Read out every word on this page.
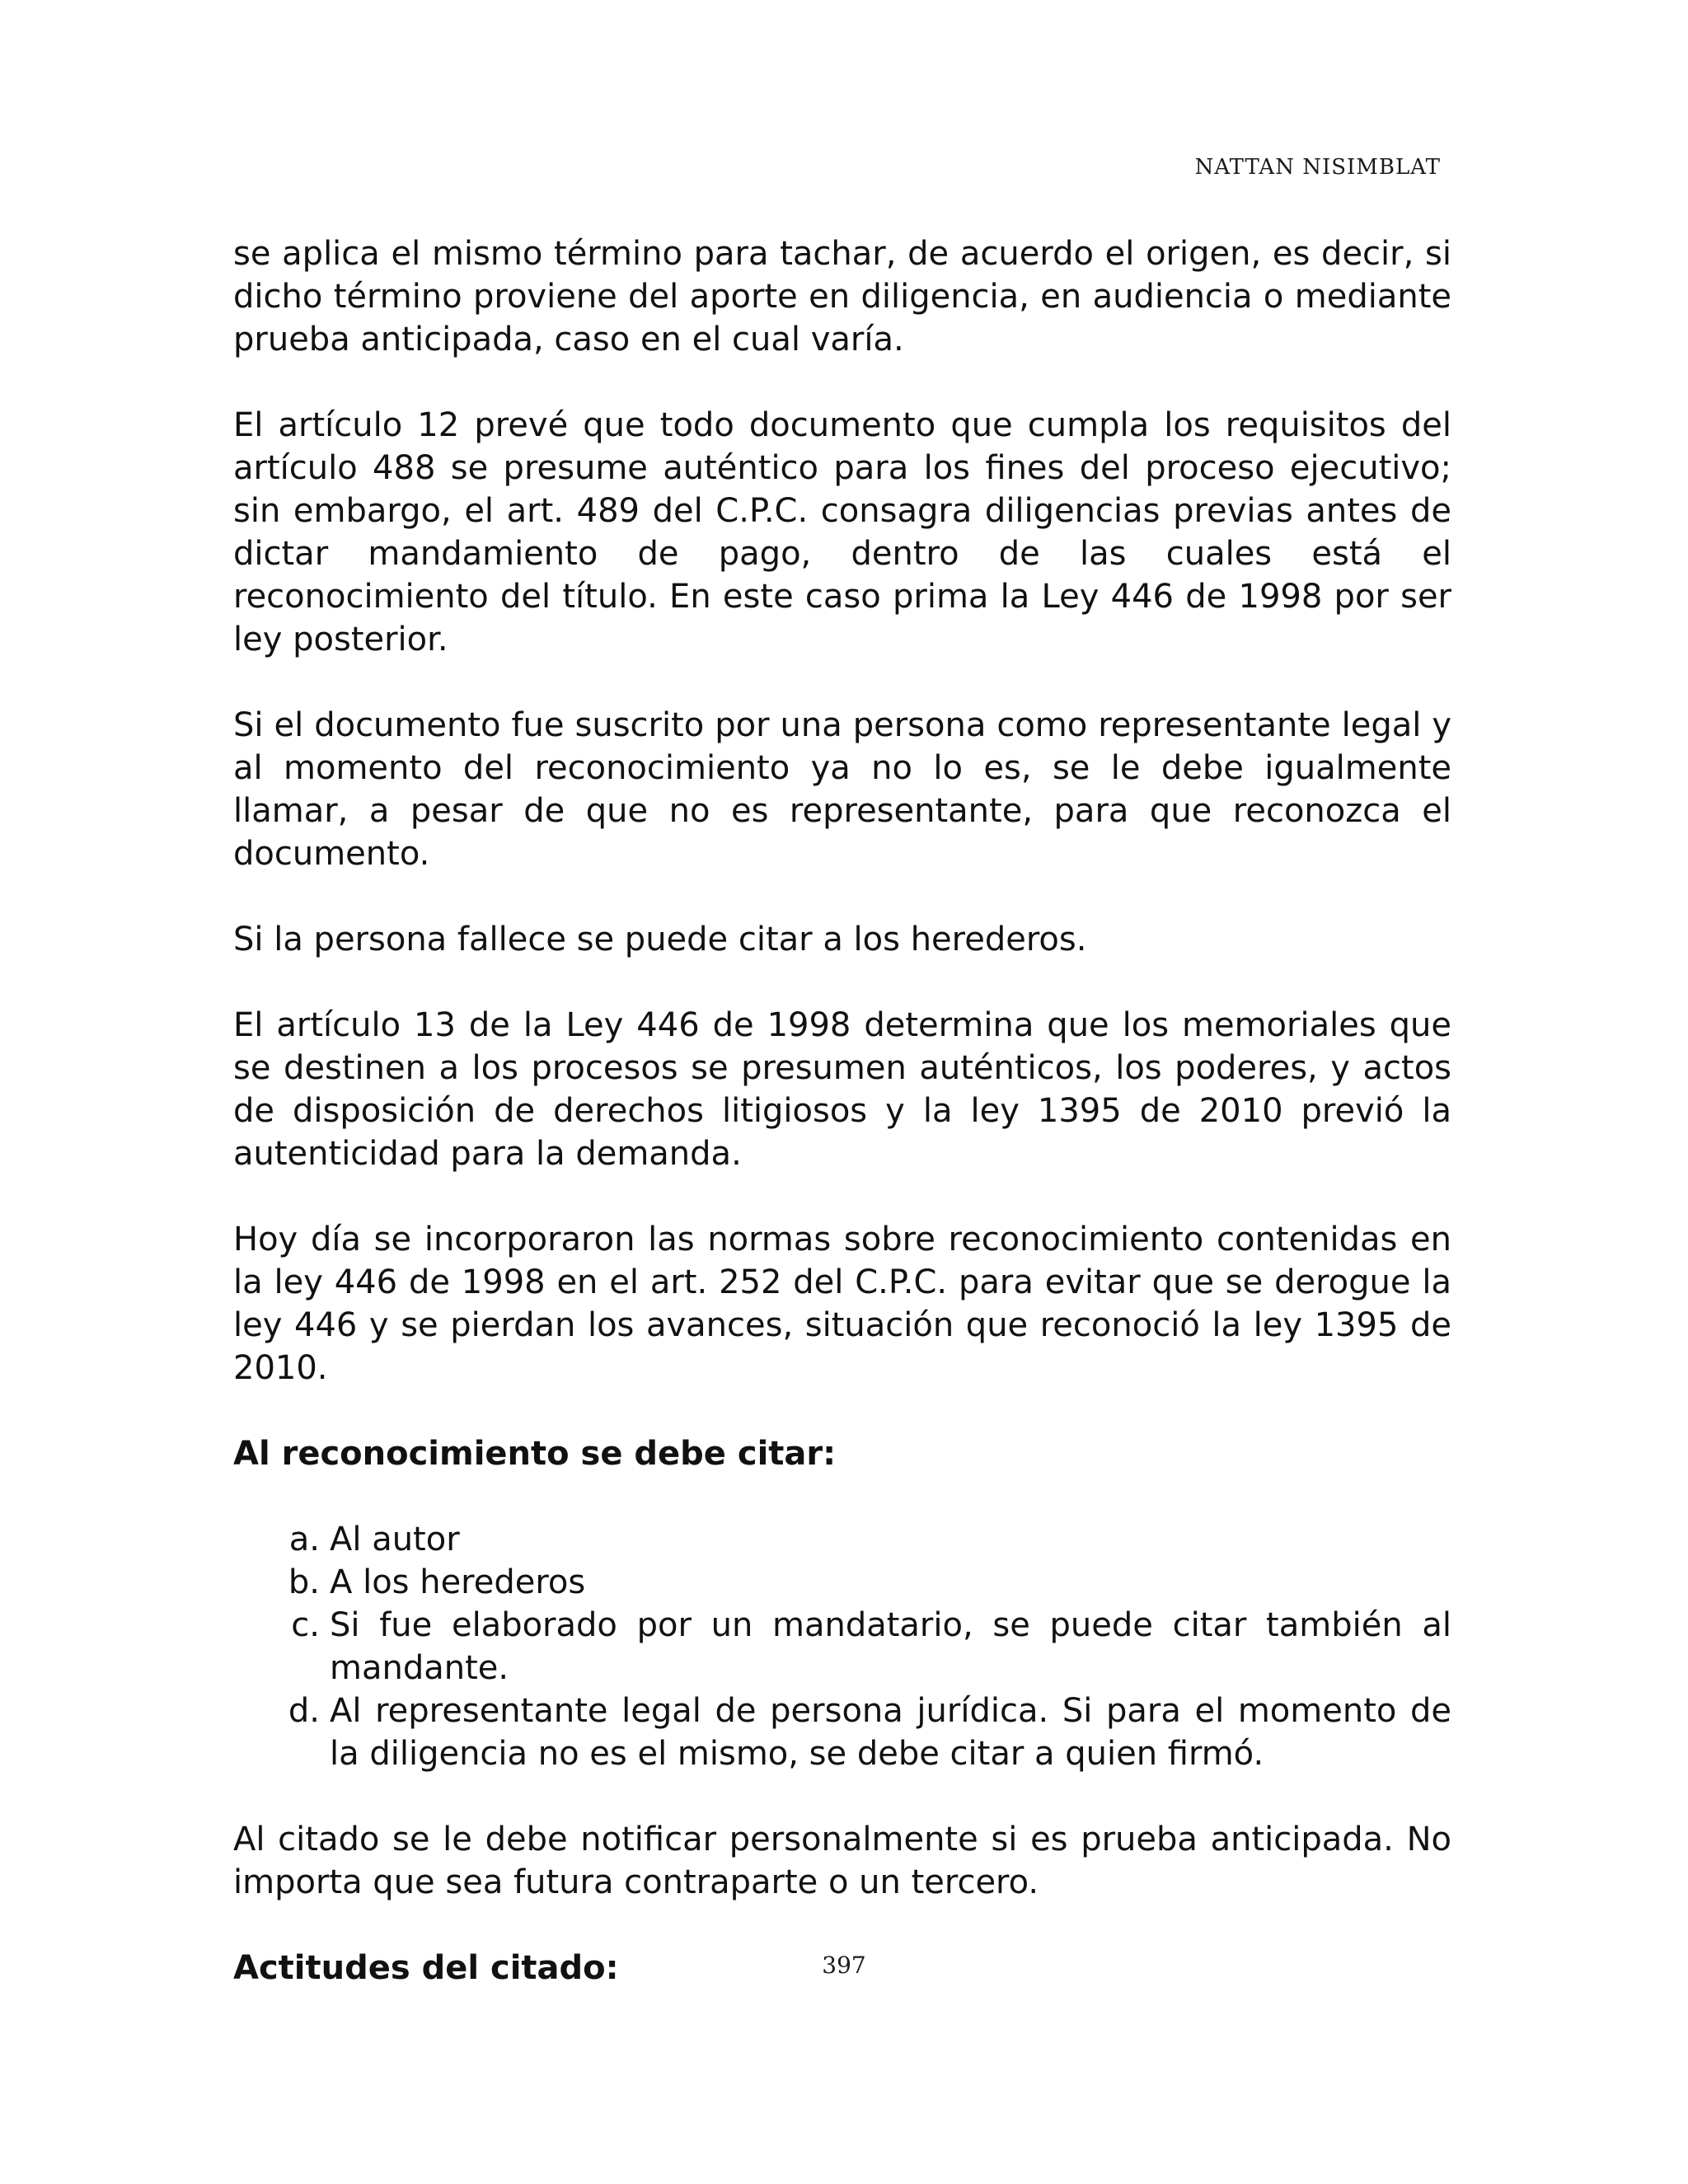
NATTAN NISIMBLAT

se aplica el mismo término para tachar, de acuerdo el origen, es decir, si dicho término proviene del aporte en diligencia, en audiencia o mediante prueba anticipada, caso en el cual varía.

El artículo 12 prevé que todo documento que cumpla los requisitos del artículo 488 se presume auténtico para los fines del proceso ejecutivo; sin embargo, el art. 489 del C.P.C. consagra diligencias previas antes de dictar mandamiento de pago, dentro de las cuales está el reconocimiento del título. En este caso prima la Ley 446 de 1998 por ser ley posterior.

Si el documento fue suscrito por una persona como representante legal y al momento del reconocimiento ya no lo es, se le debe igualmente llamar, a pesar de que no es representante, para que reconozca el documento.

Si la persona fallece se puede citar a los herederos.

El artículo 13 de la Ley 446 de 1998 determina que los memoriales que se destinen a los procesos se presumen auténticos, los poderes, y actos de disposición de derechos litigiosos y la ley 1395 de 2010 previó la autenticidad para la demanda.

Hoy día se incorporaron las normas sobre reconocimiento contenidas en la ley 446 de 1998 en el art. 252 del C.P.C. para evitar que se derogue la ley 446 y se pierdan los avances, situación que reconoció la ley 1395 de 2010.

Al reconocimiento se debe citar:
a. Al autor
b. A los herederos
c. Si fue elaborado por un mandatario, se puede citar también al mandante.
d. Al representante legal de persona jurídica. Si para el momento de la diligencia no es el mismo, se debe citar a quien firmó.

Al citado se le debe notificar personalmente si es prueba anticipada. No importa que sea futura contraparte o un tercero.

Actitudes del citado:	397
